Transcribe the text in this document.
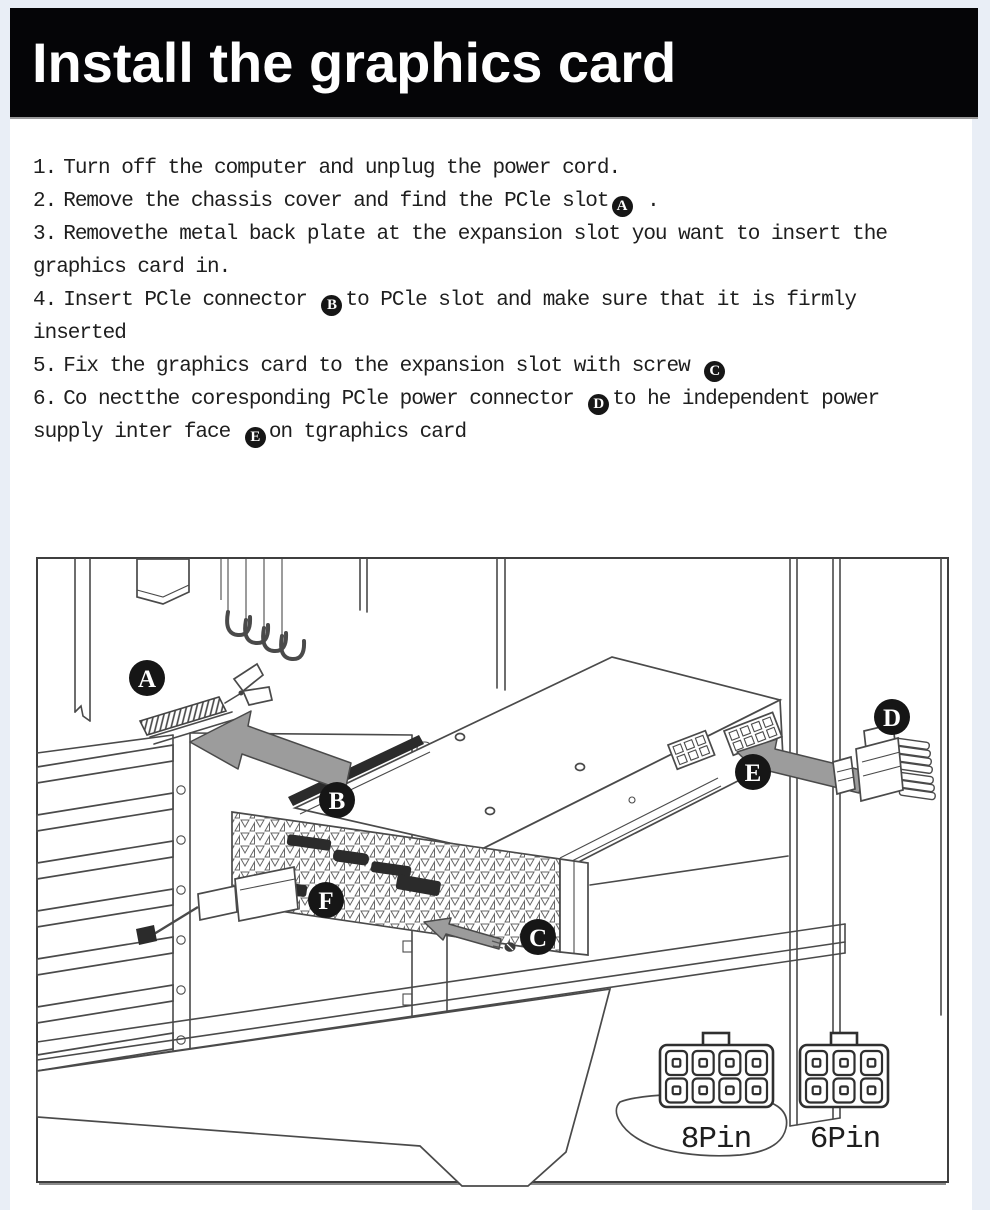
Install the graphics card
1. Turn off the computer and unplug the power cord.
2. Remove the chassis cover and find the PCle slot A .
3. Removethe metal back plate at the expansion slot you want to insert the
graphics card in.
4. Insert PCle connector B to PCle slot and make sure that it is firmly
inserted
5. Fix the graphics card to the expansion slot with screw C
6. Co nectthe coresponding PCle power connector D to he independent power
supply inter face E on tgraphics card
8Pin 6Pin
A
B
C
D
E
F
